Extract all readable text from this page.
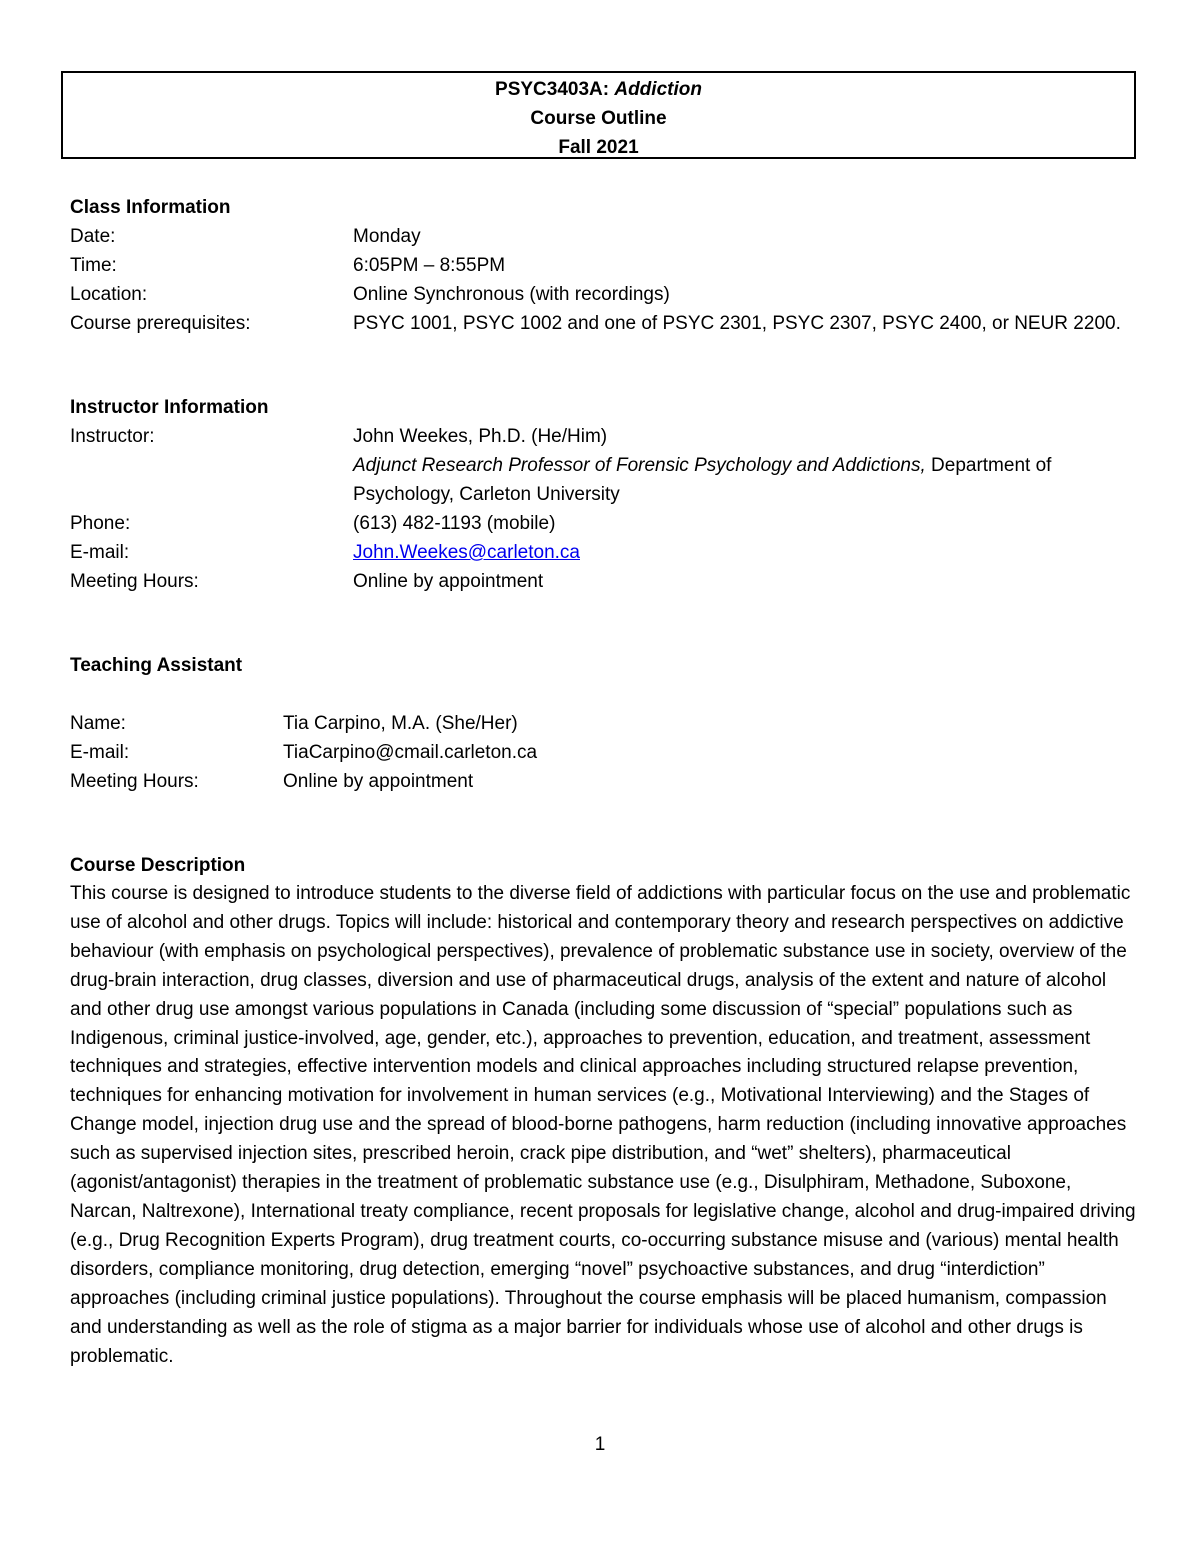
PSYC3403A: Addiction
Course Outline
Fall 2021
Class Information
Date:	Monday
Time:	6:05PM – 8:55PM
Location:	Online Synchronous (with recordings)
Course prerequisites:	PSYC 1001, PSYC 1002 and one of PSYC 2301, PSYC 2307, PSYC 2400, or NEUR 2200.
Instructor Information
Instructor:	John Weekes, Ph.D. (He/Him)
Adjunct Research Professor of Forensic Psychology and Addictions, Department of Psychology, Carleton University
Phone:	(613) 482-1193 (mobile)
E-mail:	John.Weekes@carleton.ca
Meeting Hours:	Online by appointment
Teaching Assistant
Name:	Tia Carpino, M.A. (She/Her)
E-mail:	TiaCarpino@cmail.carleton.ca
Meeting Hours:	Online by appointment
Course Description

This course is designed to introduce students to the diverse field of addictions with particular focus on the use and problematic use of alcohol and other drugs. Topics will include: historical and contemporary theory and research perspectives on addictive behaviour (with emphasis on psychological perspectives), prevalence of problematic substance use in society, overview of the drug-brain interaction, drug classes, diversion and use of pharmaceutical drugs, analysis of the extent and nature of alcohol and other drug use amongst various populations in Canada (including some discussion of “special” populations such as Indigenous, criminal justice-involved, age, gender, etc.), approaches to prevention, education, and treatment, assessment techniques and strategies, effective intervention models and clinical approaches including structured relapse prevention, techniques for enhancing motivation for involvement in human services (e.g., Motivational Interviewing) and the Stages of Change model, injection drug use and the spread of blood-borne pathogens, harm reduction (including innovative approaches such as supervised injection sites, prescribed heroin, crack pipe distribution, and “wet” shelters), pharmaceutical (agonist/antagonist) therapies in the treatment of problematic substance use (e.g., Disulphiram, Methadone, Suboxone, Narcan, Naltrexone), International treaty compliance, recent proposals for legislative change, alcohol and drug-impaired driving (e.g., Drug Recognition Experts Program), drug treatment courts, co-occurring substance misuse and (various) mental health disorders, compliance monitoring, drug detection, emerging “novel” psychoactive substances, and drug “interdiction” approaches (including criminal justice populations). Throughout the course emphasis will be placed humanism, compassion and understanding as well as the role of stigma as a major barrier for individuals whose use of alcohol and other drugs is problematic.

1
